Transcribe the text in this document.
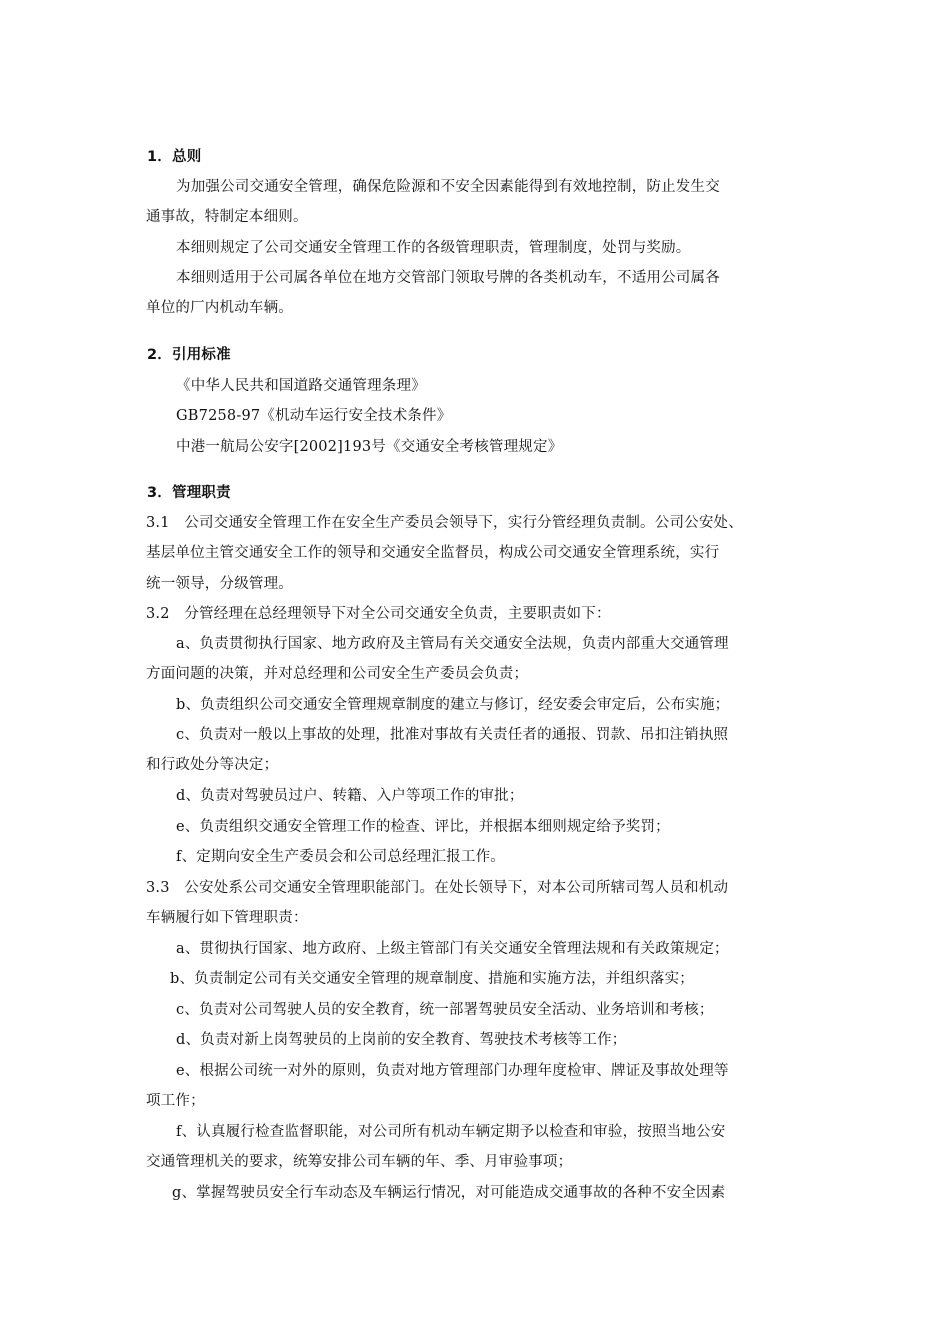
1．总则
为加强公司交通安全管理，确保危险源和不安全因素能得到有效地控制，防止发生交
通事故，特制定本细则。
本细则规定了公司交通安全管理工作的各级管理职责，管理制度，处罚与奖励。
本细则适用于公司属各单位在地方交管部门领取号牌的各类机动车，不适用公司属各
单位的厂内机动车辆。
2．引用标准
《中华人民共和国道路交通管理条理》
GB7258-97《机动车运行安全技术条件》
中港一航局公安字[2002]193号《交通安全考核管理规定》
3．管理职责
3.1　公司交通安全管理工作在安全生产委员会领导下，实行分管经理负责制。公司公安处、
基层单位主管交通安全工作的领导和交通安全监督员，构成公司交通安全管理系统，实行
统一领导，分级管理。
3.2　分管经理在总经理领导下对全公司交通安全负责，主要职责如下：
a、负责贯彻执行国家、地方政府及主管局有关交通安全法规，负责内部重大交通管理
方面问题的决策，并对总经理和公司安全生产委员会负责；
b、负责组织公司交通安全管理规章制度的建立与修订，经安委会审定后，公布实施；
c、负责对一般以上事故的处理，批准对事故有关责任者的通报、罚款、吊扣注销执照
和行政处分等决定；
d、负责对驾驶员过户、转籍、入户等项工作的审批；
e、负责组织交通安全管理工作的检查、评比，并根据本细则规定给予奖罚；
f、定期向安全生产委员会和公司总经理汇报工作。
3.3　公安处系公司交通安全管理职能部门。在处长领导下，对本公司所辖司驾人员和机动
车辆履行如下管理职责：
a、贯彻执行国家、地方政府、上级主管部门有关交通安全管理法规和有关政策规定；
b、负责制定公司有关交通安全管理的规章制度、措施和实施方法，并组织落实；
c、负责对公司驾驶人员的安全教育，统一部署驾驶员安全活动、业务培训和考核；
d、负责对新上岗驾驶员的上岗前的安全教育、驾驶技术考核等工作；
e、根据公司统一对外的原则，负责对地方管理部门办理年度检审、牌证及事故处理等
项工作；
f、认真履行检查监督职能，对公司所有机动车辆定期予以检查和审验，按照当地公安
交通管理机关的要求，统筹安排公司车辆的年、季、月审验事项；
g、掌握驾驶员安全行车动态及车辆运行情况，对可能造成交通事故的各种不安全因素
